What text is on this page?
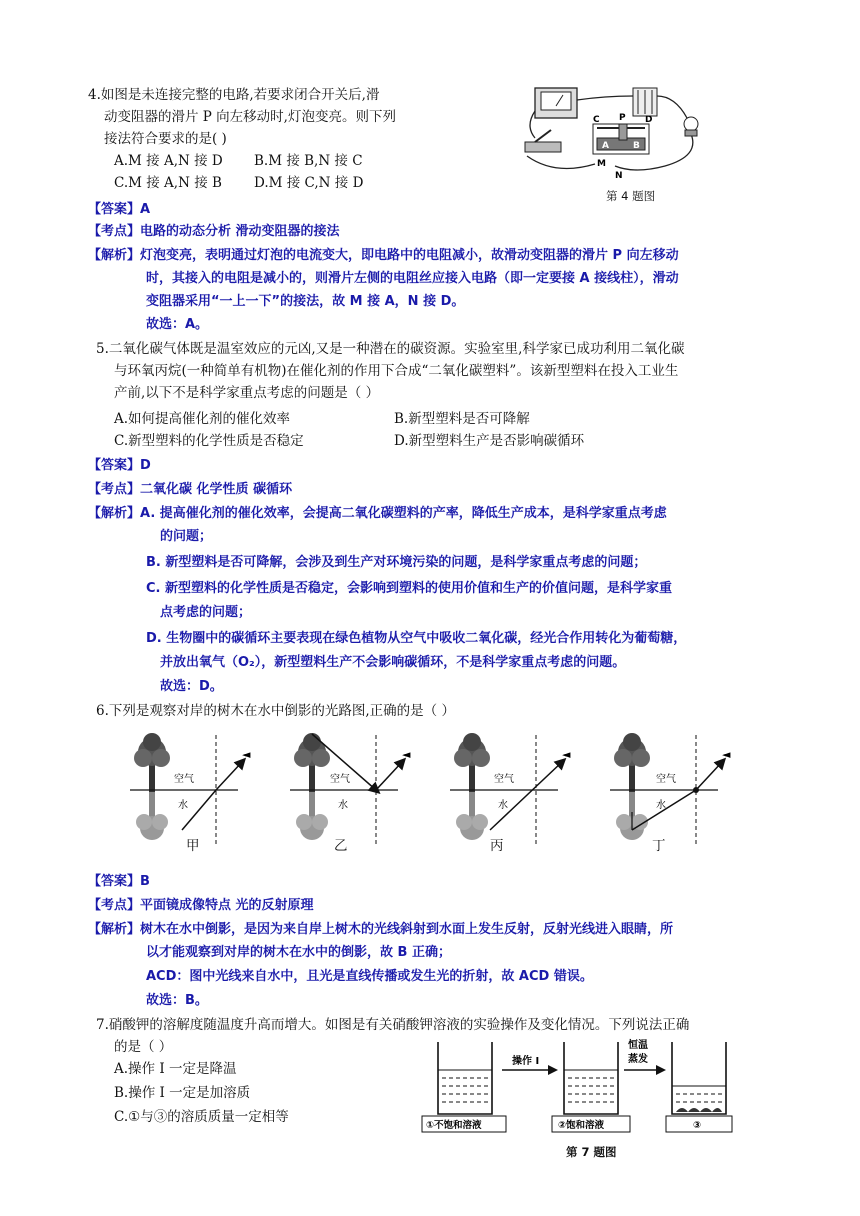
4.如图是未连接完整的电路,若要求闭合开关后,滑
动变阻器的滑片 P 向左移动时,灯泡变亮。则下列
接法符合要求的是( )
A.M 接 A,N 接 D B.M 接 B,N 接 C
C.M 接 A,N 接 B D.M 接 C,N 接 D
C P D
A	B
M
N
第 4 题图
【答案】A
【考点】电路的动态分析 滑动变阻器的接法
【解析】灯泡变亮，表明通过灯泡的电流变大，即电路中的电阻减小，故滑动变阻器的滑片 P 向左移动
时，其接入的电阻是减小的，则滑片左侧的电阻丝应接入电路（即一定要接 A 接线柱），滑动
变阻器采用“一上一下”的接法，故 M 接 A，N 接 D。
故选：A。
5.二氧化碳气体既是温室效应的元凶,又是一种潜在的碳资源。实验室里,科学家已成功利用二氧化碳
与环氧丙烷(一种简单有机物)在催化剂的作用下合成“二氧化碳塑料”。该新型塑料在投入工业生
产前,以下不是科学家重点考虑的问题是（ ）
A.如何提高催化剂的催化效率	B.新型塑料是否可降解
C.新型塑料的化学性质是否稳定	D.新型塑料生产是否影响碳循环
【答案】D
【考点】二氧化碳 化学性质 碳循环
【解析】A. 提高催化剂的催化效率，会提高二氧化碳塑料的产率，降低生产成本，是科学家重点考虑
的问题；
B. 新型塑料是否可降解，会涉及到生产对环境污染的问题，是科学家重点考虑的问题；
C. 新型塑料的化学性质是否稳定，会影响到塑料的使用价值和生产的价值问题，是科学家重
点考虑的问题；
D. 生物圈中的碳循环主要表现在绿色植物从空气中吸收二氧化碳，经光合作用转化为葡萄糖，
并放出氧气（O₂），新型塑料生产不会影响碳循环，不是科学家重点考虑的问题。
故选：D。
6.下列是观察对岸的树木在水中倒影的光路图,正确的是（ ）
◄
空气
水
◄
空气
水
◄
空气
水
◄
空气
水
甲	乙	丙	丁
【答案】B
【考点】平面镜成像特点 光的反射原理
【解析】树木在水中倒影，是因为来自岸上树木的光线斜射到水面上发生反射，反射光线进入眼睛，所
以才能观察到对岸的树木在水中的倒影，故 B 正确；
ACD：图中光线来自水中，且光是直线传播或发生光的折射，故 ACD 错误。
故选：B。
7.硝酸钾的溶解度随温度升高而增大。如图是有关硝酸钾溶液的实验操作及变化情况。下列说法正确
的是（ ）
A.操作 I 一定是降温
B.操作 I 一定是加溶质
C.①与③的溶质质量一定相等
操作 I
恒温
蒸发
①不饱和溶液	②饱和溶液	③
第 7 题图
